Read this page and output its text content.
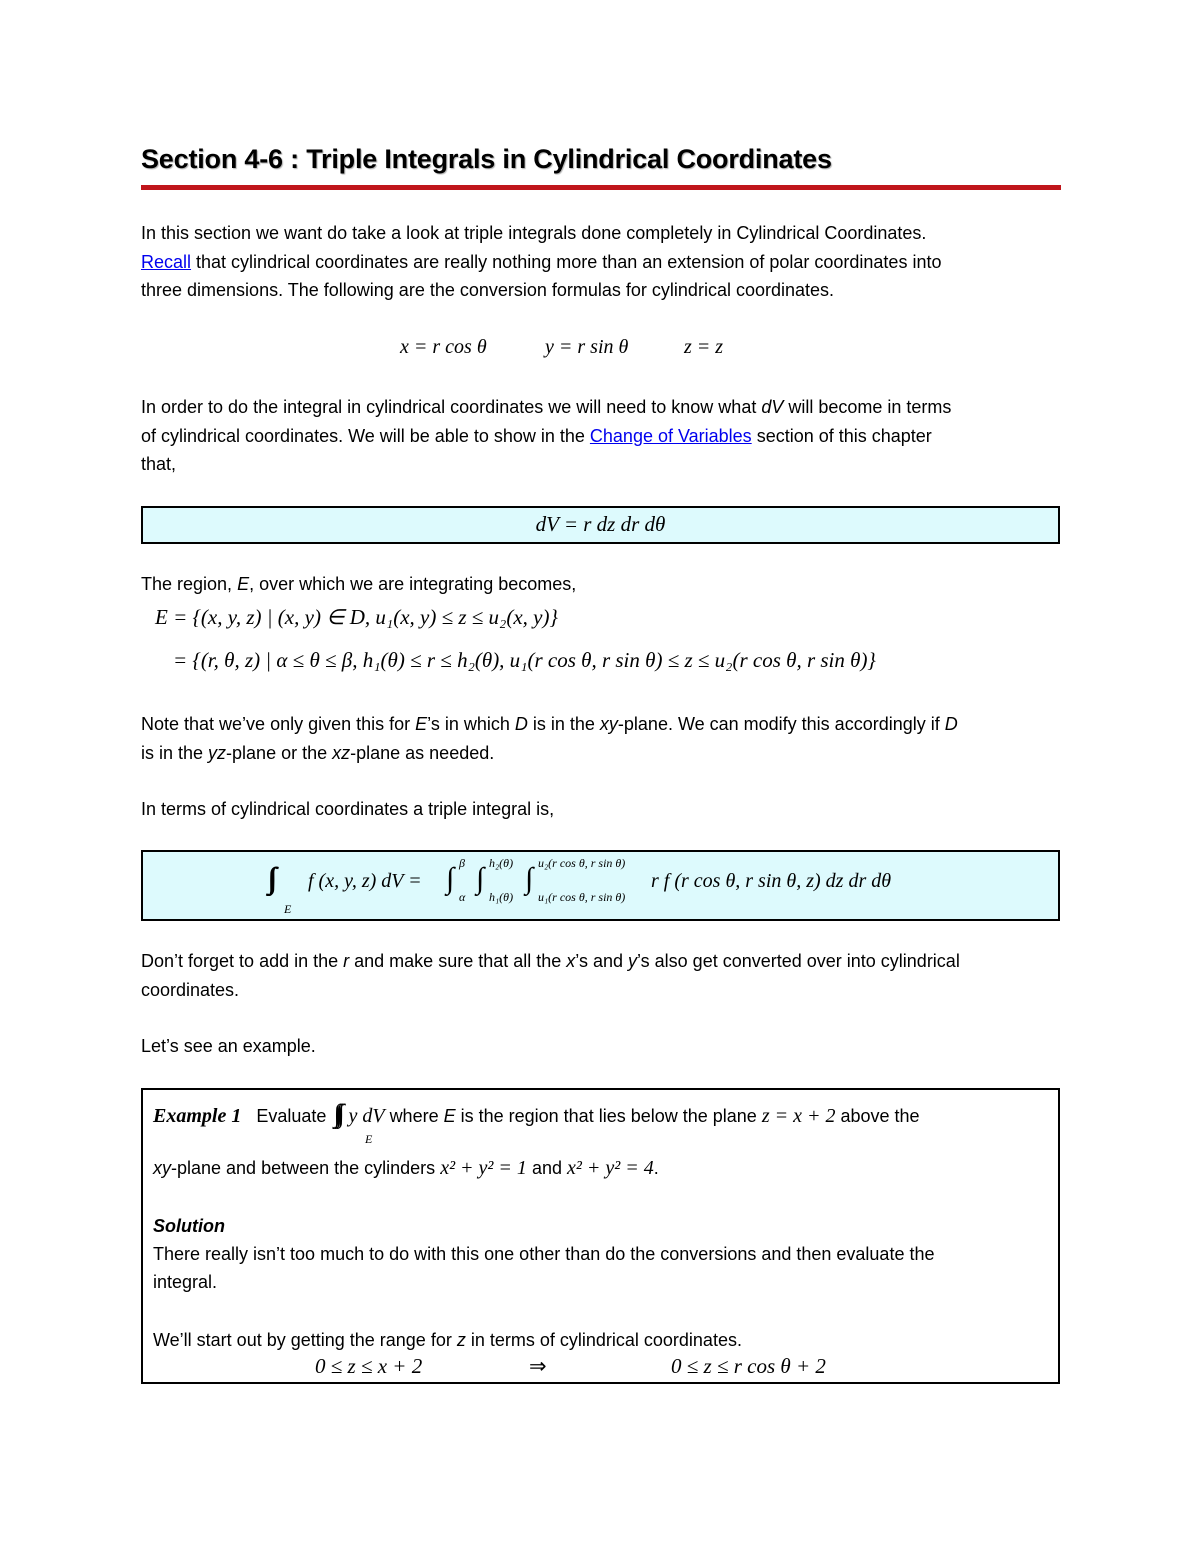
Section 4-6 : Triple Integrals in Cylindrical Coordinates
In this section we want do take a look at triple integrals done completely in Cylindrical Coordinates.
Recall that cylindrical coordinates are really nothing more than an extension of polar coordinates into
three dimensions. The following are the conversion formulas for cylindrical coordinates.
x = r cos θ	y = r sin θ	z = z
In order to do the integral in cylindrical coordinates we will need to know what dV will become in terms
of cylindrical coordinates. We will be able to show in the Change of Variables section of this chapter
that,
dV = r dz dr dθ
The region, E, over which we are integrating becomes,
E = {(x, y, z) | (x, y) ∈ D, u₁(x, y) ≤ z ≤ u₂(x, y)}
= {(r, θ, z) | α ≤ θ ≤ β, h₁(θ) ≤ r ≤ h₂(θ), u₁(r cos θ, r sin θ) ≤ z ≤ u₂(r cos θ, r sin θ)}
Note that we’ve only given this for E’s in which D is in the xy-plane. We can modify this accordingly if D
is in the yz-plane or the xz-plane as needed.
In terms of cylindrical coordinates a triple integral is,
E
f (x, y, z) dV = ∫ β
α
∫ h₂(θ)
h₁(θ)
∫ u₂(r cos θ, r sin θ)
u₁(r cos θ, r sin θ)
r f (r cos θ, r sin θ, z) dz dr dθ
Don’t forget to add in the r and make sure that all the x’s and y’s also get converted over into cylindrical
coordinates.
Let’s see an example.
Example 1 Evaluate y dV where E is the region that lies below the plane z = x + 2 above the
E
xy-plane and between the cylinders x² + y² = 1 and x² + y² = 4.
Solution
There really isn’t too much to do with this one other than do the conversions and then evaluate the
integral.
We’ll start out by getting the range for z in terms of cylindrical coordinates.
0 ≤ z ≤ x + 2	⇒	0 ≤ z ≤ r cos θ + 2
